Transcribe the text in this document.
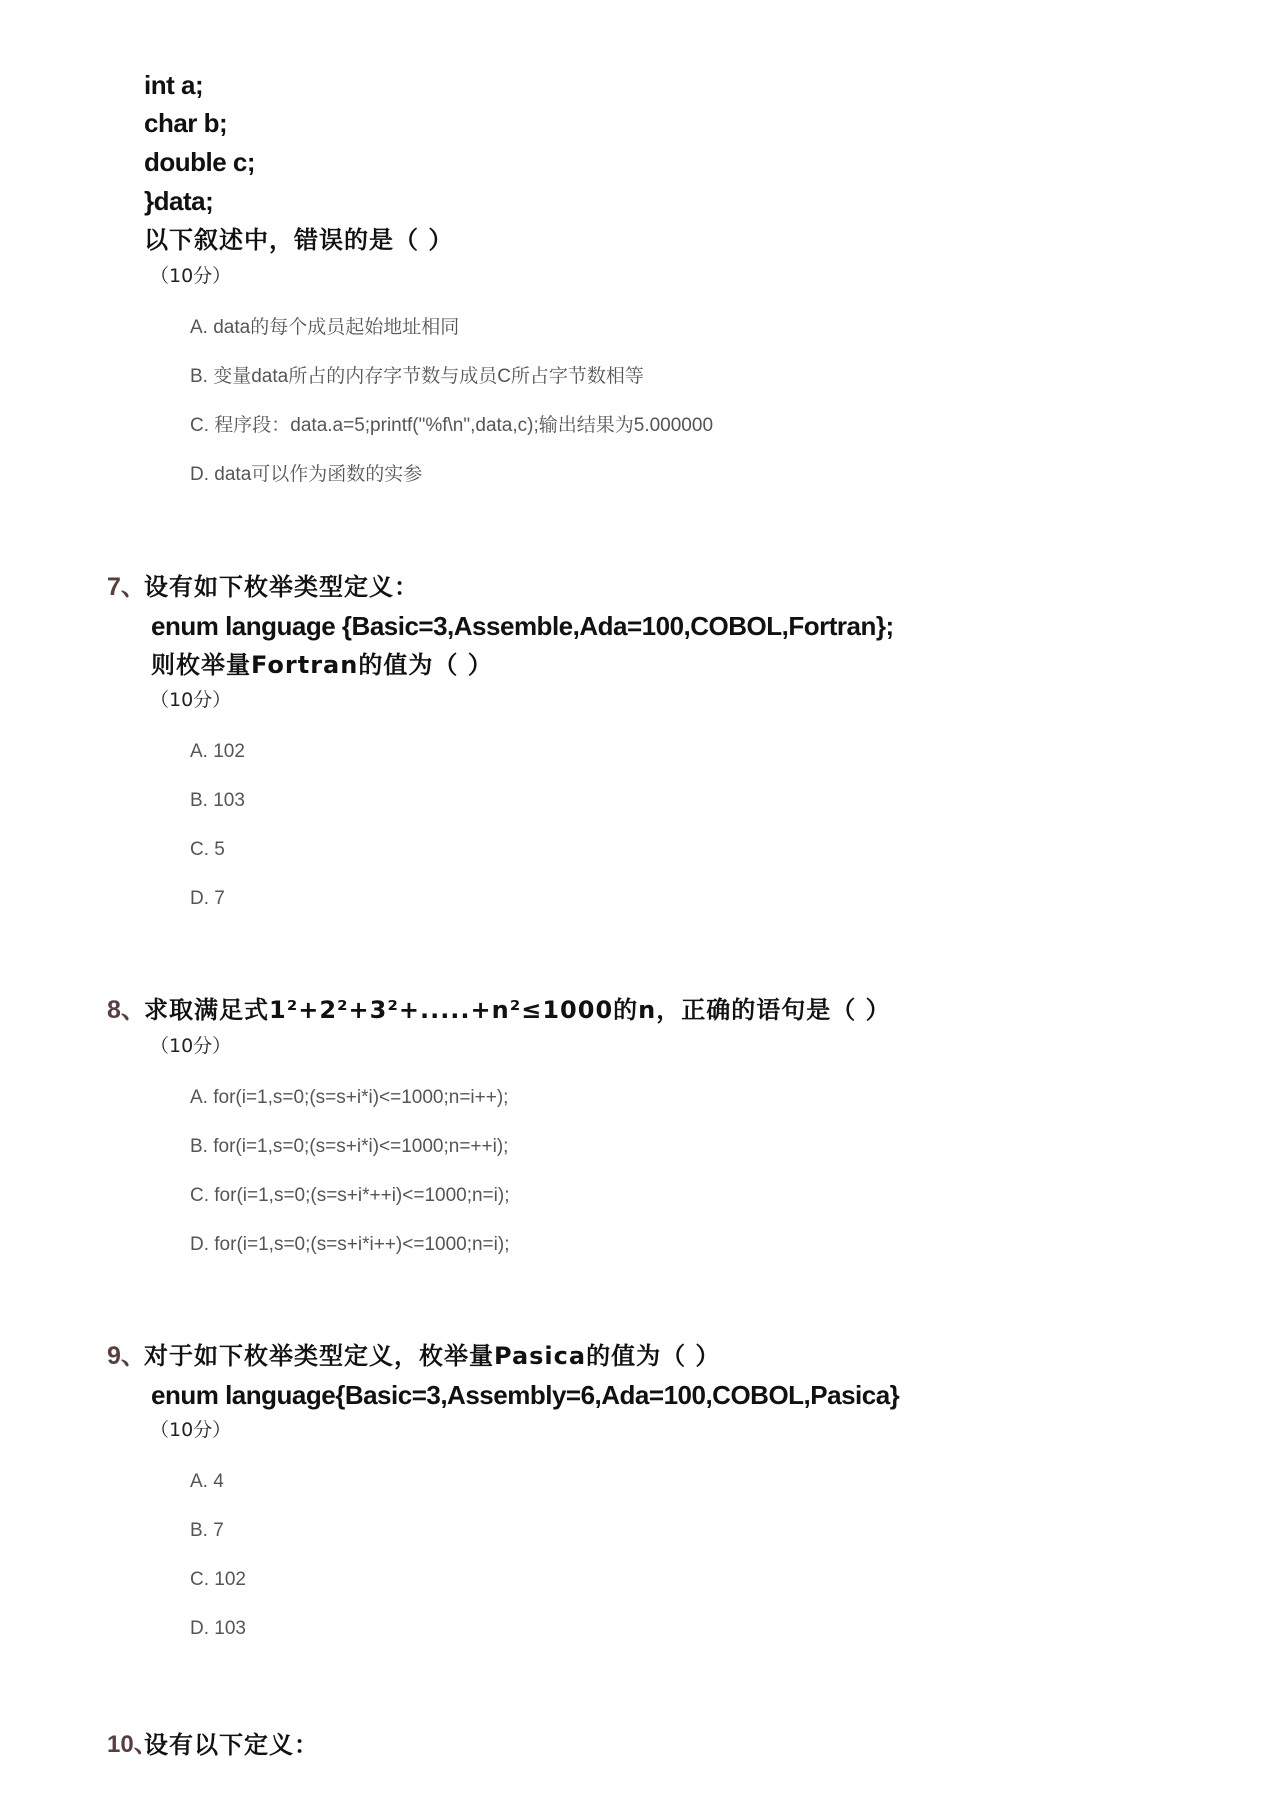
int a;
char b;
double c;
}data;
以下叙述中，错误的是（ ）
（10分）
A. data的每个成员起始地址相同
B. 变量data所占的内存字节数与成员C所占字节数相等
C. 程序段：data.a=5;printf("%f\n",data,c);输出结果为5.000000
D. data可以作为函数的实参
7、
设有如下枚举类型定义：
enum language {Basic=3,Assemble,Ada=100,COBOL,Fortran};
则枚举量Fortran的值为（ ）
（10分）
A. 102
B. 103
C. 5
D. 7
8、
求取满足式1²+2²+3²+.....+n²≤1000的n，正确的语句是（ ）
（10分）
A. for(i=1,s=0;(s=s+i*i)<=1000;n=i++);
B. for(i=1,s=0;(s=s+i*i)<=1000;n=++i);
C. for(i=1,s=0;(s=s+i*++i)<=1000;n=i);
D. for(i=1,s=0;(s=s+i*i++)<=1000;n=i);
9、
对于如下枚举类型定义，枚举量Pasica的值为（ ）
enum language{Basic=3,Assembly=6,Ada=100,COBOL,Pasica}
（10分）
A. 4
B. 7
C. 102
D. 103
10、
设有以下定义：
